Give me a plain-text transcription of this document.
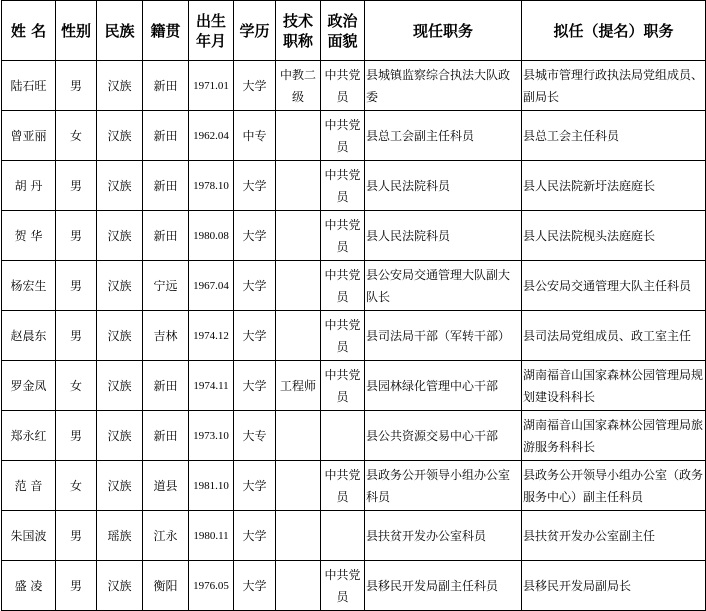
姓 名	性别	民族	籍贯	出生年月	学历	技术职称	政治面貌	现任职务	拟任（提名）职务
陆石旺	男	汉族	新田	1971.01	大学	中教二级	中共党员	县城镇监察综合执法大队政委	县城市管理行政执法局党组成员、副局长
曾亚丽	女	汉族	新田	1962.04	中专		中共党员	县总工会副主任科员	县总工会主任科员
胡 丹	男	汉族	新田	1978.10	大学		中共党员	县人民法院科员	县人民法院新圩法庭庭长
贺 华	男	汉族	新田	1980.08	大学		中共党员	县人民法院科员	县人民法院枧头法庭庭长
杨宏生	男	汉族	宁远	1967.04	大学		中共党员	县公安局交通管理大队副大队长	县公安局交通管理大队主任科员
赵晨东	男	汉族	吉林	1974.12	大学		中共党员	县司法局干部（军转干部）	县司法局党组成员、政工室主任
罗金凤	女	汉族	新田	1974.11	大学	工程师	中共党员	县园林绿化管理中心干部	湖南福音山国家森林公园管理局规划建设科科长
郑永红	男	汉族	新田	1973.10	大专			县公共资源交易中心干部	湖南福音山国家森林公园管理局旅游服务科科长
范 音	女	汉族	道县	1981.10	大学		中共党员	县政务公开领导小组办公室科员	县政务公开领导小组办公室（政务服务中心）副主任科员
朱国波	男	瑶族	江永	1980.11	大学			县扶贫开发办公室科员	县扶贫开发办公室副主任
盛 凌	男	汉族	衡阳	1976.05	大学		中共党员	县移民开发局副主任科员	县移民开发局副局长
